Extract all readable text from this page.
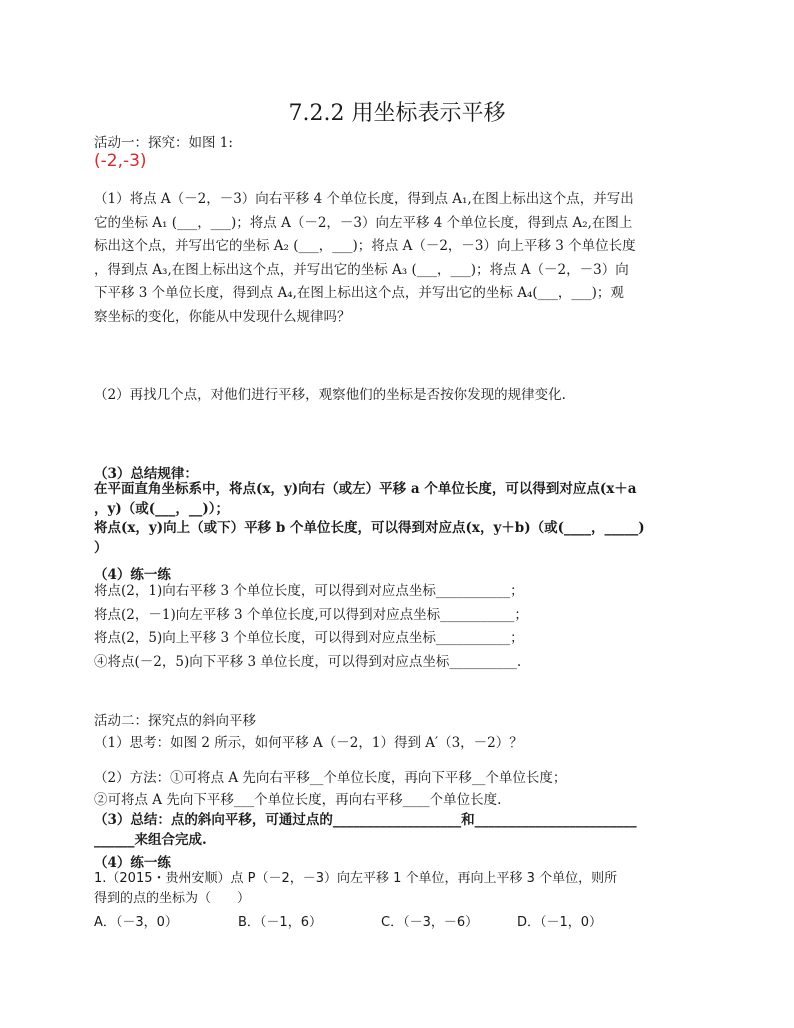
7.2.2 用坐标表示平移
活动一：探究：如图 1:
(-2,-3)
（1）将点 A（－2，－3）向右平移 4 个单位长度，得到点 A₁,在图上标出这个点，并写出
它的坐标 A₁ (___，___)；将点 A（－2，－3）向左平移 4 个单位长度，得到点 A₂,在图上
标出这个点，并写出它的坐标 A₂ (___，___)；将点 A（－2，－3）向上平移 3 个单位长度
，得到点 A₃,在图上标出这个点，并写出它的坐标 A₃ (___，___)；将点 A（－2，－3）向
下平移 3 个单位长度，得到点 A₄,在图上标出这个点，并写出它的坐标 A₄(___，___)；观
察坐标的变化，你能从中发现什么规律吗？
（2）再找几个点，对他们进行平移，观察他们的坐标是否按你发现的规律变化.
（3）总结规律：
在平面直角坐标系中，将点(x，y)向右（或左）平移 a 个单位长度，可以得到对应点(x＋a
，y)（或(___，__)）；
将点(x，y)向上（或下）平移 b 个单位长度，可以得到对应点(x，y＋b)（或(____，_____)
）
（4）练一练
将点(2，1)向右平移 3 个单位长度，可以得到对应点坐标___________；
将点(2，－1)向左平移 3 个单位长度,可以得到对应点坐标___________；
将点(2，5)向上平移 3 个单位长度，可以得到对应点坐标___________；
④将点(－2，5)向下平移 3 单位长度，可以得到对应点坐标__________.
活动二：探究点的斜向平移
（1）思考：如图 2 所示，如何平移 A（－2，1）得到 A′（3，－2）？
（2）方法：①可将点 A 先向右平移__个单位长度，再向下平移__个单位长度；
②可将点 A 先向下平移___个单位长度，再向右平移____个单位长度.
（3）总结：点的斜向平移，可通过点的___________________和________________________
______来组合完成.
（4）练一练
1.（2015・贵州安顺）点 P（－2，－3）向左平移 1 个单位，再向上平移 3 个单位，则所
得到的点的坐标为（　　）
A．（－3，0）	B．（－1，6）	C．（－3，－6）	D．（－1，0）
